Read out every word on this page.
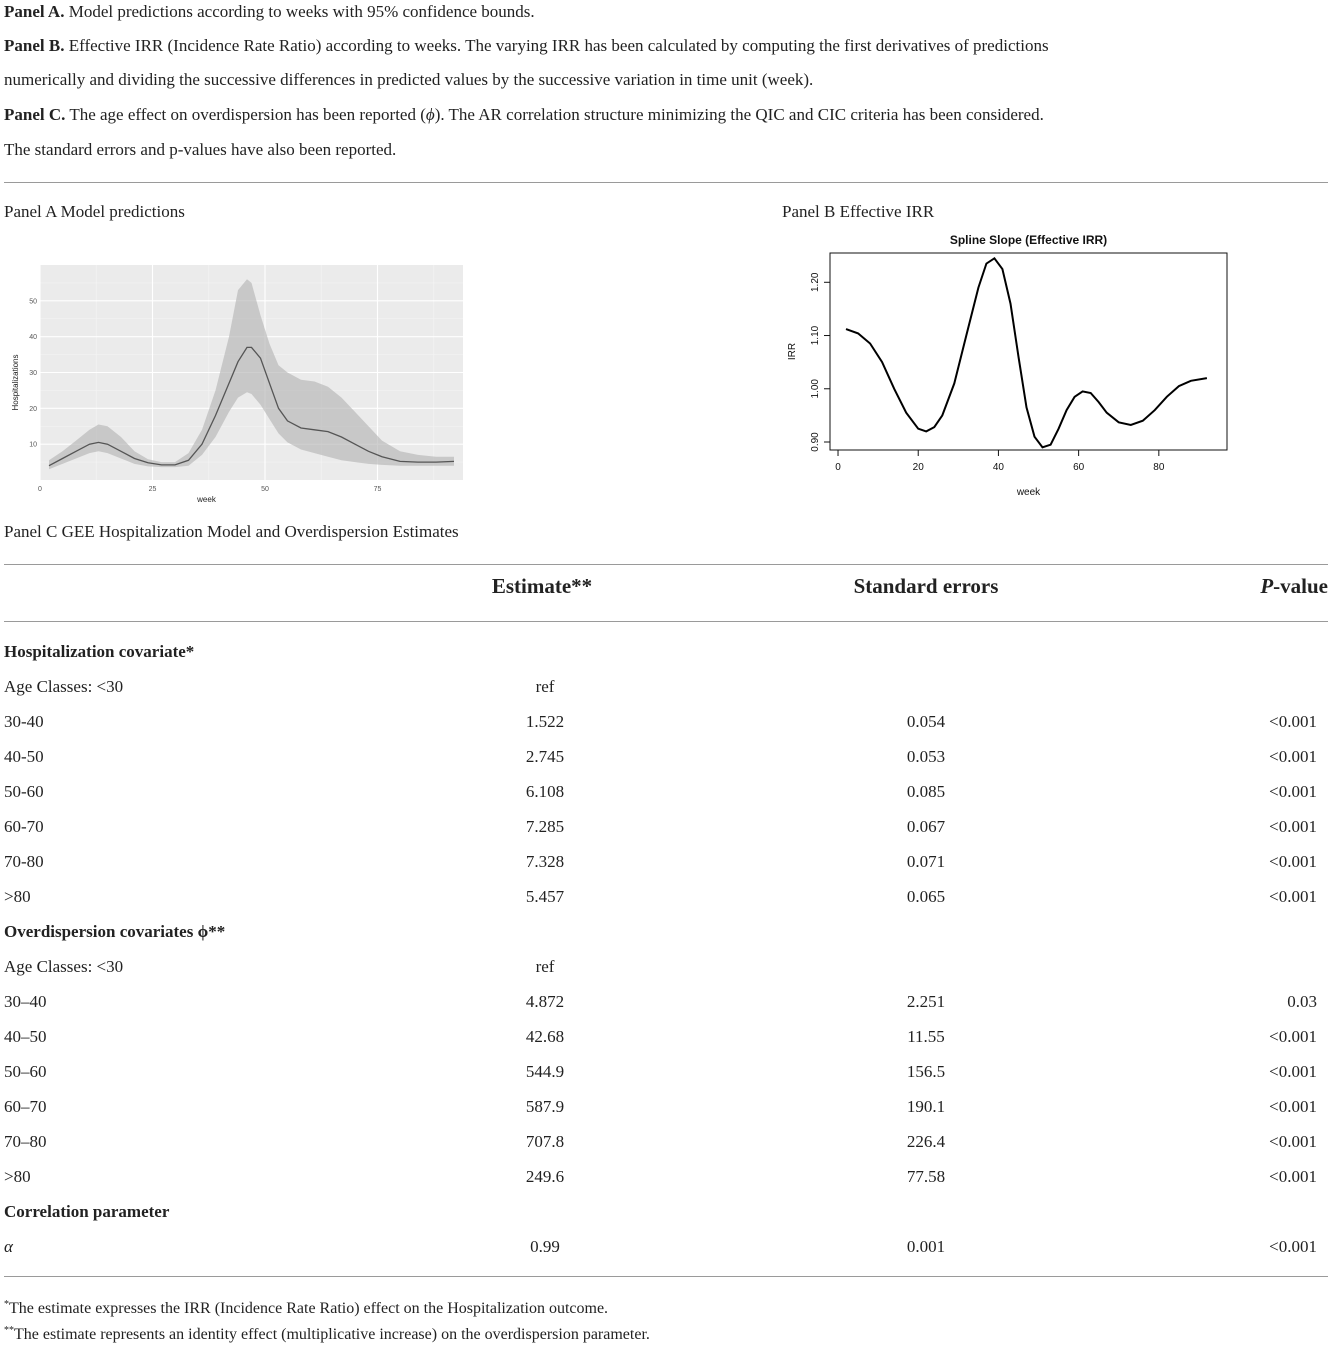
Panel A. Model predictions according to weeks with 95% confidence bounds.
Panel B. Effective IRR (Incidence Rate Ratio) according to weeks. The varying IRR has been calculated by computing the first derivatives of predictions
numerically and dividing the successive differences in predicted values by the successive variation in time unit (week).
Panel C. The age effect on overdispersion has been reported (ϕ). The AR correlation structure minimizing the QIC and CIC criteria has been considered.
The standard errors and p-values have also been reported.
Panel A Model predictions	Panel B Effective IRR
0	25	50	75
10
20
30
40
50
week
Hospitalizations
Spline Slope (Effective IRR)
0	20	40	60	80
0.90
1.00
1.10
1.20
week
IRR
Panel C GEE Hospitalization Model and Overdispersion Estimates
Estimate**	Standard errors	P-value
Hospitalization covariate*
Age Classes: <30	ref
30-40	1.522	0.054	<0.001
40-50	2.745	0.053	<0.001
50-60	6.108	0.085	<0.001
60-70	7.285	0.067	<0.001
70-80	7.328	0.071	<0.001
>80	5.457	0.065	<0.001
Overdispersion covariates ϕ**
Age Classes: <30	ref
30–40	4.872	2.251	0.03
40–50	42.68	11.55	<0.001
50–60	544.9	156.5	<0.001
60–70	587.9	190.1	<0.001
70–80	707.8	226.4	<0.001
>80	249.6	77.58	<0.001
Correlation parameter
α	0.99	0.001	<0.001
*The estimate expresses the IRR (Incidence Rate Ratio) effect on the Hospitalization outcome.
**The estimate represents an identity effect (multiplicative increase) on the overdispersion parameter.
